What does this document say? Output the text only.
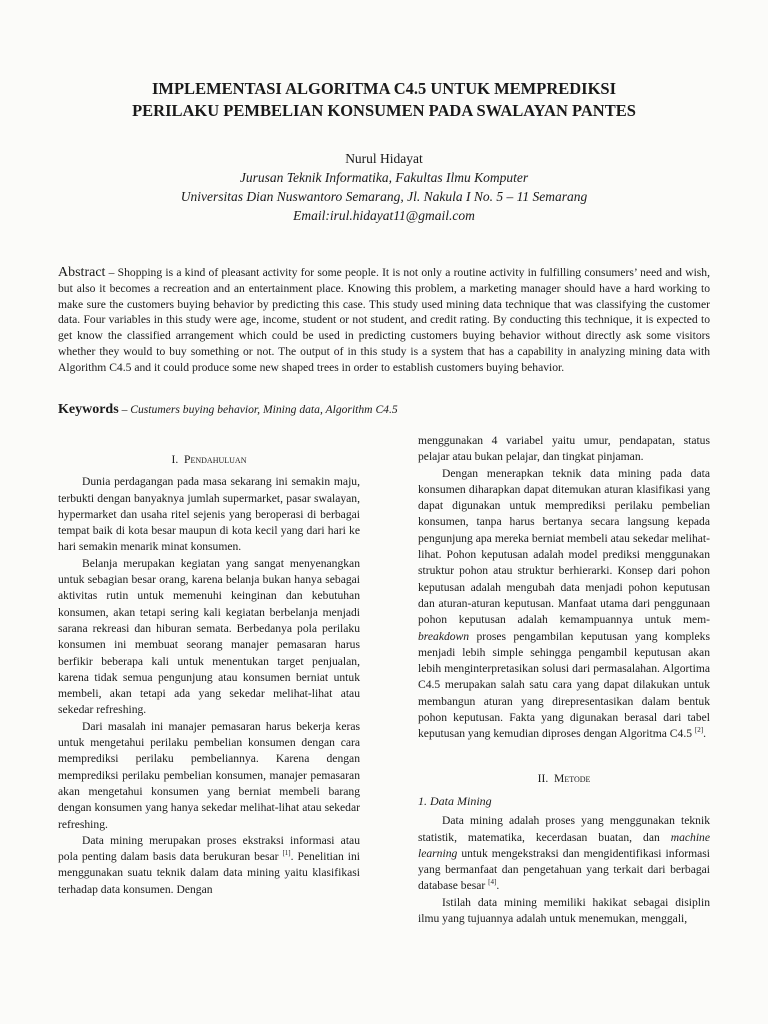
IMPLEMENTASI ALGORITMA C4.5 UNTUK MEMPREDIKSI
PERILAKU PEMBELIAN KONSUMEN PADA SWALAYAN PANTES
Nurul Hidayat
Jurusan Teknik Informatika, Fakultas Ilmu Komputer
Universitas Dian Nuswantoro Semarang, Jl. Nakula I No. 5 – 11 Semarang
Email:irul.hidayat11@gmail.com
Abstract – Shopping is a kind of pleasant activity for some people. It is not only a routine activity in fulfilling consumers’ need and wish, but also it becomes a recreation and an entertainment place. Knowing this problem, a marketing manager should have a hard working to make sure the customers buying behavior by predicting this case. This study used mining data technique that was classifying the customer data. Four variables in this study were age, income, student or not student, and credit rating. By conducting this technique, it is expected to get know the classified arrangement which could be used in predicting customers buying behavior without directly ask some visitors whether they would to buy something or not. The output of in this study is a system that has a capability in analyzing mining data with Algorithm C4.5 and it could produce some new shaped trees in order to establish customers buying behavior.
Keywords – Custumers buying behavior, Mining data, Algorithm C4.5
I. Pendahuluan

Dunia perdagangan pada masa sekarang ini semakin maju, terbukti dengan banyaknya jumlah supermarket, pasar swalayan, hypermarket dan usaha ritel sejenis yang beroperasi di berbagai tempat baik di kota besar maupun di kota kecil yang dari hari ke hari semakin menarik minat konsumen.

Belanja merupakan kegiatan yang sangat menyenangkan untuk sebagian besar orang, karena belanja bukan hanya sebagai aktivitas rutin untuk memenuhi keinginan dan kebutuhan konsumen, akan tetapi sering kali kegiatan berbelanja menjadi sarana rekreasi dan hiburan semata. Berbedanya pola perilaku konsumen ini membuat seorang manajer pemasaran harus berfikir beberapa kali untuk menentukan target penjualan, karena tidak semua pengunjung atau konsumen berniat untuk membeli, akan tetapi ada yang sekedar melihat-lihat atau sekedar refreshing.

Dari masalah ini manajer pemasaran harus bekerja keras untuk mengetahui perilaku pembelian konsumen dengan cara memprediksi perilaku pembeliannya. Karena dengan memprediksi perilaku pembelian konsumen, manajer pemasaran akan mengetahui konsumen yang berniat membeli barang dengan konsumen yang hanya sekedar melihat-lihat atau sekedar refreshing.

Data mining merupakan proses ekstraksi informasi atau pola penting dalam basis data berukuran besar [1]. Penelitian ini menggunakan suatu teknik dalam data mining yaitu klasifikasi terhadap data konsumen. Dengan

menggunakan 4 variabel yaitu umur, pendapatan, status pelajar atau bukan pelajar, dan tingkat pinjaman.

Dengan menerapkan teknik data mining pada data konsumen diharapkan dapat ditemukan aturan klasifikasi yang dapat digunakan untuk memprediksi perilaku pembelian konsumen, tanpa harus bertanya secara langsung kepada pengunjung apa mereka berniat membeli atau sekedar melihat-lihat. Pohon keputusan adalah model prediksi menggunakan struktur pohon atau struktur berhierarki. Konsep dari pohon keputusan adalah mengubah data menjadi pohon keputusan dan aturan-aturan keputusan. Manfaat utama dari penggunaan pohon keputusan adalah kemampuannya untuk mem-breakdown proses pengambilan keputusan yang kompleks menjadi lebih simple sehingga pengambil keputusan akan lebih menginterpretasikan solusi dari permasalahan. Algortima C4.5 merupakan salah satu cara yang dapat dilakukan untuk membangun aturan yang direpresentasikan dalam bentuk pohon keputusan. Fakta yang digunakan berasal dari tabel keputusan yang kemudian diproses dengan Algoritma C4.5 [2].

II. Metode
1. Data Mining

Data mining adalah proses yang menggunakan teknik statistik, matematika, kecerdasan buatan, dan machine learning untuk mengekstraksi dan mengidentifikasi informasi yang bermanfaat dan pengetahuan yang terkait dari berbagai database besar [4].

Istilah data mining memiliki hakikat sebagai disiplin ilmu yang tujuannya adalah untuk menemukan, menggali,
